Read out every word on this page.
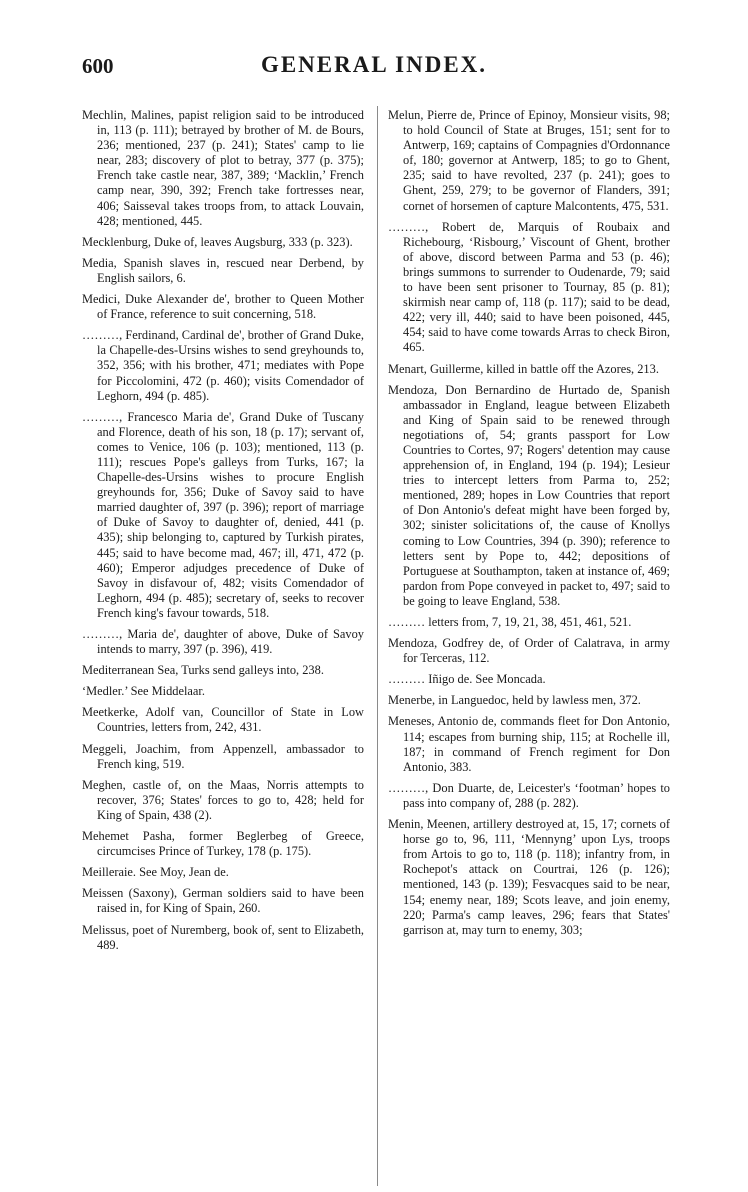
600	GENERAL INDEX.

Mechlin, Malines, papist religion said to be introduced in, 113 (p. 111); betrayed by brother of M. de Bours, 236; mentioned, 237 (p. 241); States' camp to lie near, 283; discovery of plot to betray, 377 (p. 375); French take castle near, 387, 389; ‘Macklin,’ French camp near, 390, 392; French take fortresses near, 406; Saisseval takes troops from, to attack Louvain, 428; mentioned, 445.

Mecklenburg, Duke of, leaves Augsburg, 333 (p. 323).

Media, Spanish slaves in, rescued near Derbend, by English sailors, 6.

Medici, Duke Alexander de', brother to Queen Mother of France, reference to suit concerning, 518.

………, Ferdinand, Cardinal de', brother of Grand Duke, la Chapelle-des-Ursins wishes to send greyhounds to, 352, 356; with his brother, 471; mediates with Pope for Piccolomini, 472 (p. 460); visits Comendador of Leghorn, 494 (p. 485).

………, Francesco Maria de', Grand Duke of Tuscany and Florence, death of his son, 18 (p. 17); servant of, comes to Venice, 106 (p. 103); mentioned, 113 (p. 111); rescues Pope's galleys from Turks, 167; la Chapelle-des-Ursins wishes to procure English greyhounds for, 356; Duke of Savoy said to have married daughter of, 397 (p. 396); report of marriage of Duke of Savoy to daughter of, denied, 441 (p. 435); ship belonging to, captured by Turkish pirates, 445; said to have become mad, 467; ill, 471, 472 (p. 460); Emperor adjudges precedence of Duke of Savoy in disfavour of, 482; visits Comendador of Leghorn, 494 (p. 485); secretary of, seeks to recover French king's favour towards, 518.

………, Maria de', daughter of above, Duke of Savoy intends to marry, 397 (p. 396), 419.

Mediterranean Sea, Turks send galleys into, 238.

‘Medler.’ See Middelaar.

Meetkerke, Adolf van, Councillor of State in Low Countries, letters from, 242, 431.

Meggeli, Joachim, from Appenzell, ambassador to French king, 519.

Meghen, castle of, on the Maas, Norris attempts to recover, 376; States' forces to go to, 428; held for King of Spain, 438 (2).

Mehemet Pasha, former Beglerbeg of Greece, circumcises Prince of Turkey, 178 (p. 175).

Meilleraie. See Moy, Jean de.

Meissen (Saxony), German soldiers said to have been raised in, for King of Spain, 260.

Melissus, poet of Nuremberg, book of, sent to Elizabeth, 489.

Melun, Pierre de, Prince of Epinoy, Monsieur visits, 98; to hold Council of State at Bruges, 151; sent for to Antwerp, 169; captains of Compagnies d'Ordonnance of, 180; governor at Antwerp, 185; to go to Ghent, 235; said to have revolted, 237 (p. 241); goes to Ghent, 259, 279; to be governor of Flanders, 391; cornet of horsemen of capture Malcontents, 475, 531.

………, Robert de, Marquis of Roubaix and Richebourg, ‘Risbourg,’ Viscount of Ghent, brother of above, discord between Parma and 53 (p. 46); brings summons to surrender to Oudenarde, 79; said to have been sent prisoner to Tournay, 85 (p. 81); skirmish near camp of, 118 (p. 117); said to be dead, 422; very ill, 440; said to have been poisoned, 445, 454; said to have come towards Arras to check Biron, 465.

Menart, Guillerme, killed in battle off the Azores, 213.

Mendoza, Don Bernardino de Hurtado de, Spanish ambassador in England, league between Elizabeth and King of Spain said to be renewed through negotiations of, 54; grants passport for Low Countries to Cortes, 97; Rogers' detention may cause apprehension of, in England, 194 (p. 194); Lesieur tries to intercept letters from Parma to, 252; mentioned, 289; hopes in Low Countries that report of Don Antonio's defeat might have been forged by, 302; sinister solicitations of, the cause of Knollys coming to Low Countries, 394 (p. 390); reference to letters sent by Pope to, 442; depositions of Portuguese at Southampton, taken at instance of, 469; pardon from Pope conveyed in packet to, 497; said to be going to leave England, 538.

……… letters from, 7, 19, 21, 38, 451, 461, 521.

Mendoza, Godfrey de, of Order of Calatrava, in army for Terceras, 112.

……… Iñigo de. See Moncada.

Menerbe, in Languedoc, held by lawless men, 372.

Meneses, Antonio de, commands fleet for Don Antonio, 114; escapes from burning ship, 115; at Rochelle ill, 187; in command of French regiment for Don Antonio, 383.

………, Don Duarte, de, Leicester's ‘footman’ hopes to pass into company of, 288 (p. 282).

Menin, Meenen, artillery destroyed at, 15, 17; cornets of horse go to, 96, 111, ‘Mennyng’ upon Lys, troops from Artois to go to, 118 (p. 118); infantry from, in Rochepot's attack on Courtrai, 126 (p. 126); mentioned, 143 (p. 139); Fesvacques said to be near, 154; enemy near, 189; Scots leave, and join enemy, 220; Parma's camp leaves, 296; fears that States' garrison at, may turn to enemy, 303;
